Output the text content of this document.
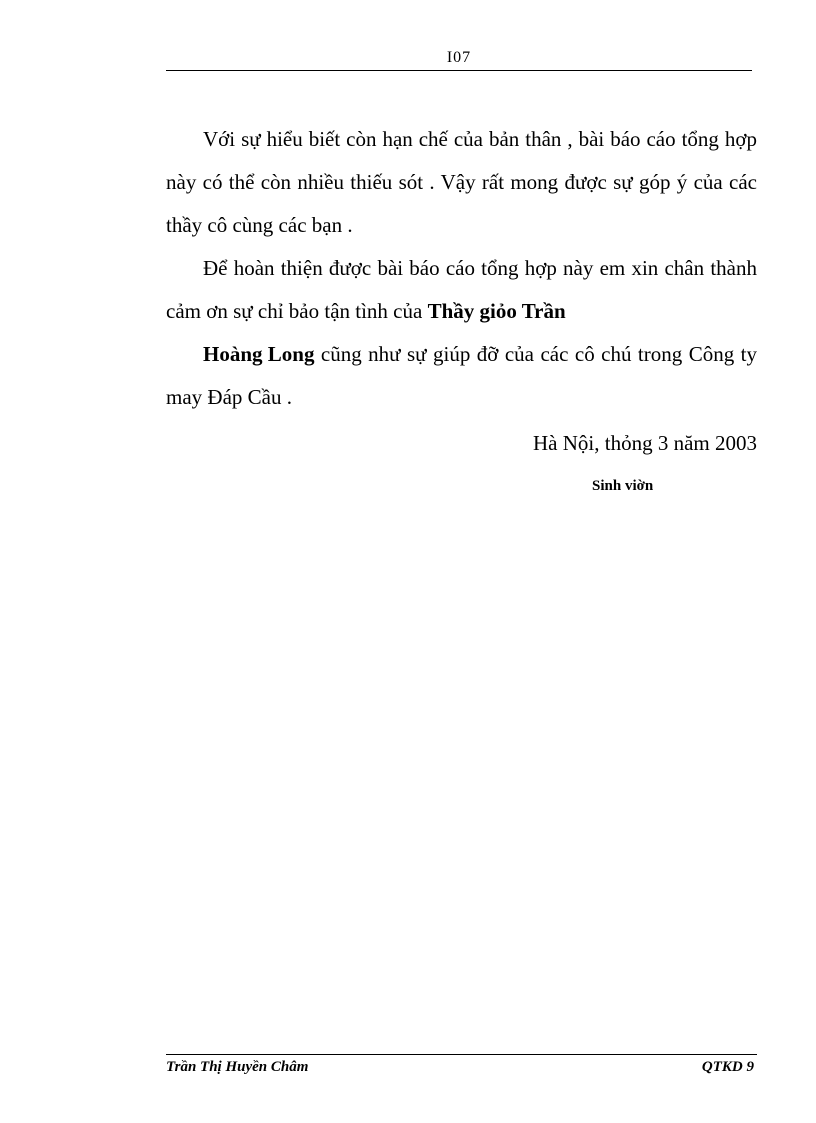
I07

Với sự hiểu biết còn hạn chế của bản thân , bài báo cáo tổng hợp này có thể còn nhiều thiếu sót . Vậy rất mong được sự góp ý của các thầy cô cùng các bạn .

Để hoàn thiện được bài báo cáo tổng hợp này em xin chân thành cảm ơn sự chỉ bảo tận tình của Thầy giỏo Trần
Hoàng Long cũng như sự giúp đỡ của các cô chú trong Công ty may Đáp Cầu .

Hà Nội, thỏng 3 năm 2003
Sinh viờn
Trần Thị Huyền Châm	QTKD 9
